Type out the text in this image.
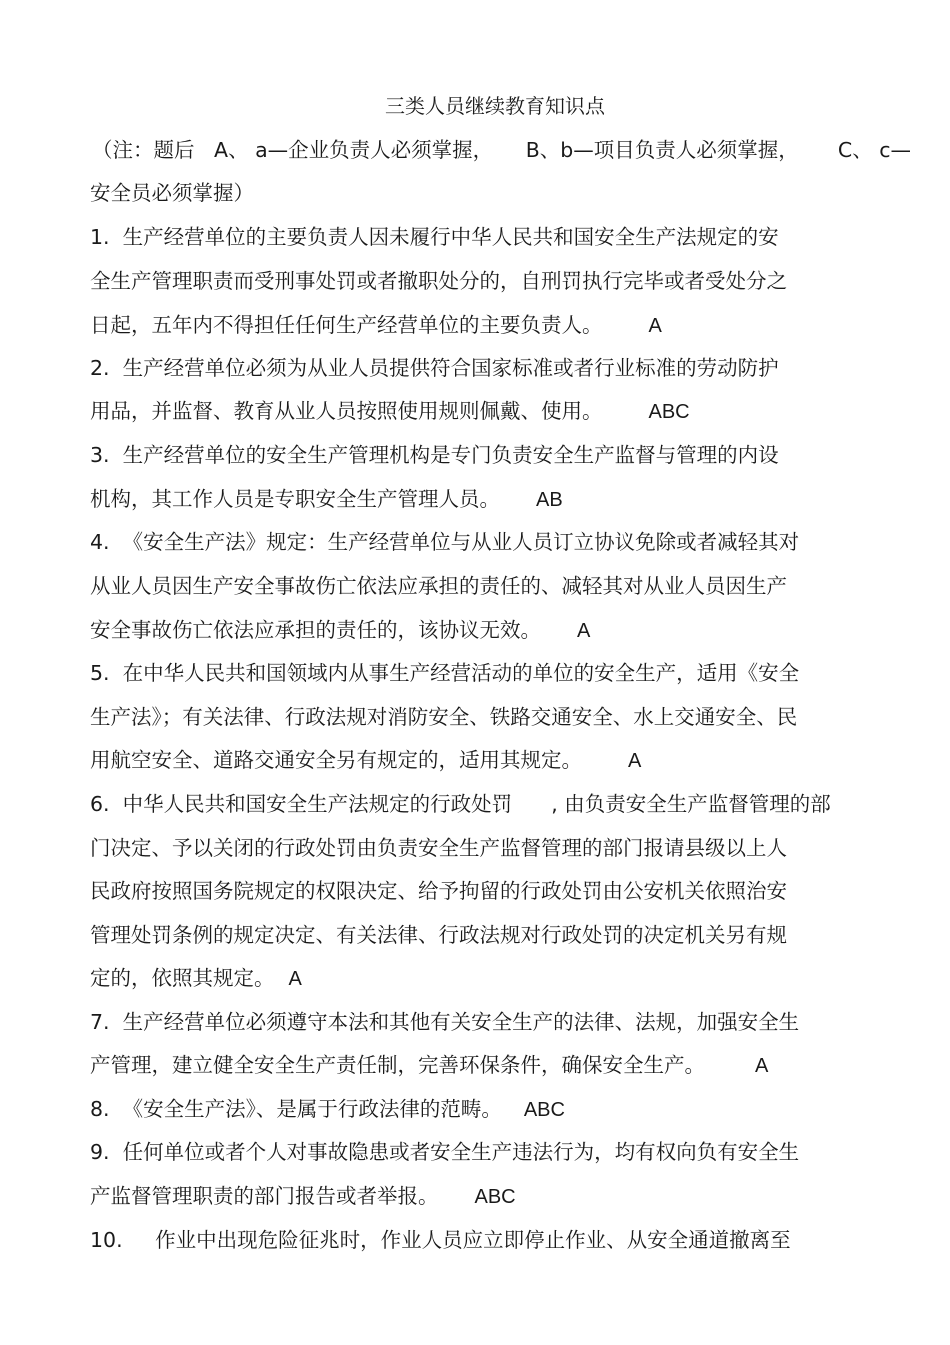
三类人员继续教育知识点
（注：题后   A、 a—企业负责人必须掌握，     B、b—项目负责人必须掌握，      C、 c—
安全员必须掌握）
1.  生产经营单位的主要负责人因未履行中华人民共和国安全生产法规定的安
全生产管理职责而受刑事处罚或者撤职处分的，自刑罚执行完毕或者受处分之
日起，五年内不得担任任何生产经营单位的主要负责人。 A
2.  生产经营单位必须为从业人员提供符合国家标准或者行业标准的劳动防护
用品，并监督、教育从业人员按照使用规则佩戴、使用。 ABC
3.  生产经营单位的安全生产管理机构是专门负责安全生产监督与管理的内设
机构，其工作人员是专职安全生产管理人员。 AB
4.  《安全生产法》规定：生产经营单位与从业人员订立协议免除或者减轻其对
从业人员因生产安全事故伤亡依法应承担的责任的、减轻其对从业人员因生产
安全事故伤亡依法应承担的责任的，该协议无效。 A
5.  在中华人民共和国领域内从事生产经营活动的单位的安全生产，适用《安全
生产法》；有关法律、行政法规对消防安全、铁路交通安全、水上交通安全、民
用航空安全、道路交通安全另有规定的，适用其规定。 A
6.  中华人民共和国安全生产法规定的行政处罚      , 由负责安全生产监督管理的部
门决定、予以关闭的行政处罚由负责安全生产监督管理的部门报请县级以上人
民政府按照国务院规定的权限决定、给予拘留的行政处罚由公安机关依照治安
管理处罚条例的规定决定、有关法律、行政法规对行政处罚的决定机关另有规
定的，依照其规定。 A
7.  生产经营单位必须遵守本法和其他有关安全生产的法律、法规，加强安全生
产管理，建立健全安全生产责任制，完善环保条件，确保安全生产。	A
8.  《安全生产法》、是属于行政法律的范畴。 ABC
9.  任何单位或者个人对事故隐患或者安全生产违法行为，均有权向负有安全生
产监督管理职责的部门报告或者举报。 ABC
10.     作业中出现危险征兆时，作业人员应立即停止作业、从安全通道撤离至
